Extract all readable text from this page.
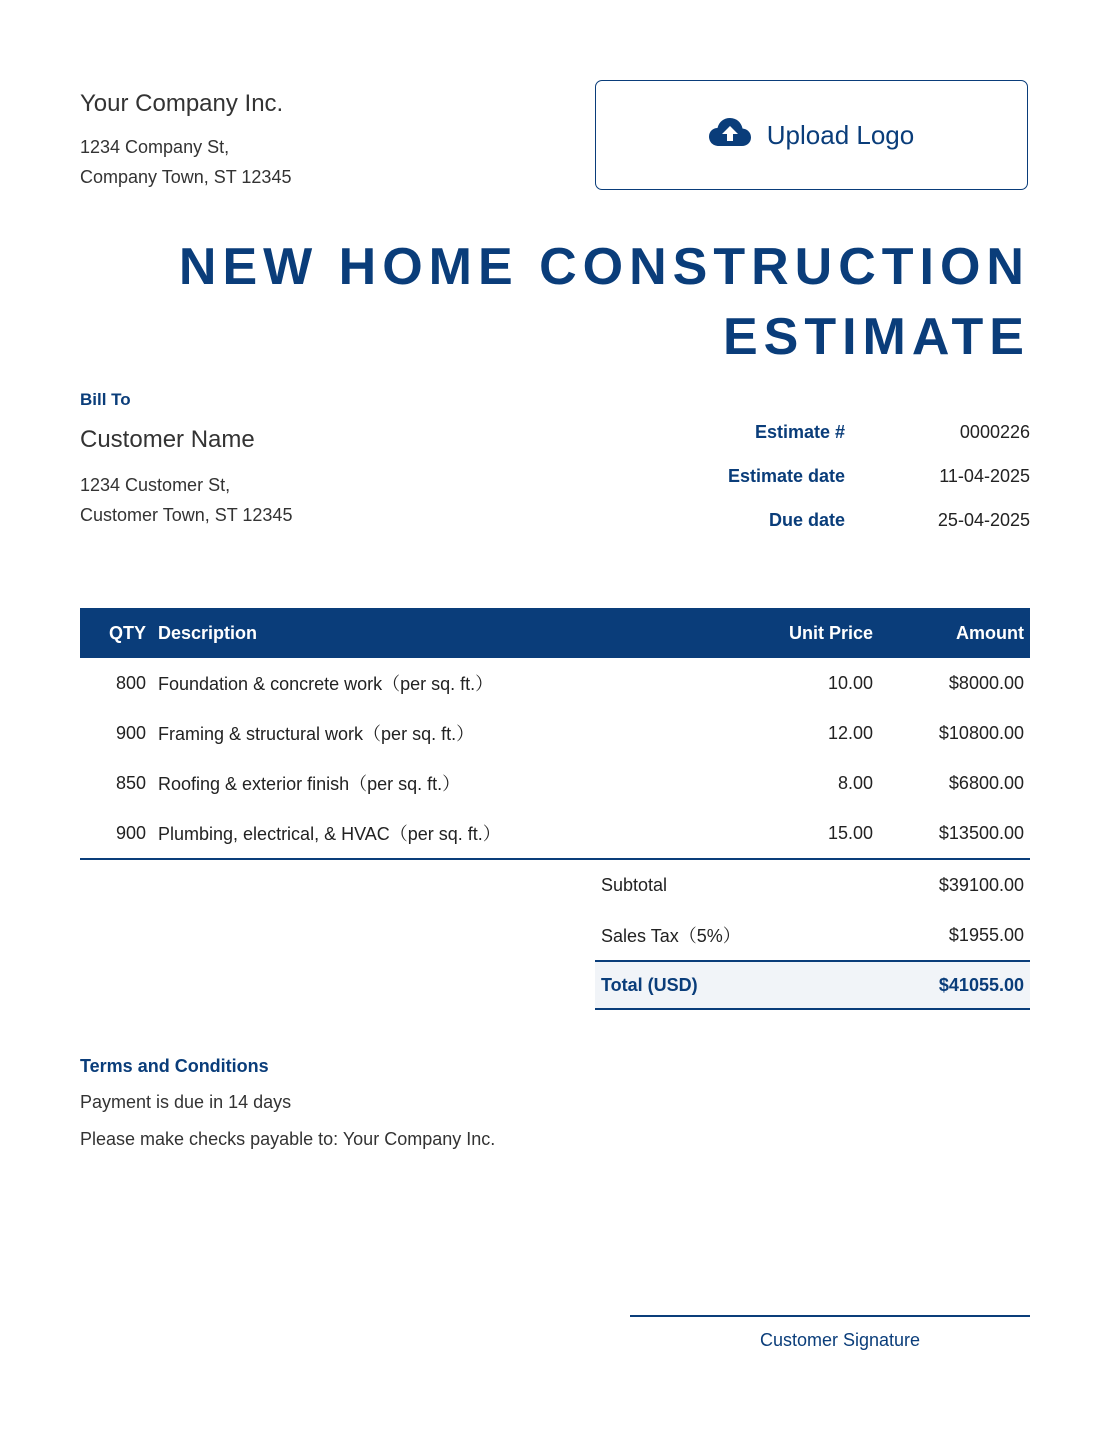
Your Company Inc.
1234 Company St,
Company Town, ST 12345
Upload Logo
NEW HOME CONSTRUCTION
ESTIMATE
Bill To
Customer Name
1234 Customer St,
Customer Town, ST 12345
Estimate #	0000226
Estimate date	11-04-2025
Due date	25-04-2025
QTY	Description	Unit Price	Amount
800	Foundation & concrete work（per sq. ft.）	10.00	$8000.00
900	Framing & structural work（per sq. ft.）	12.00	$10800.00
850	Roofing & exterior finish（per sq. ft.）	8.00	$6800.00
900	Plumbing, electrical, & HVAC（per sq. ft.）	15.00	$13500.00
Subtotal	$39100.00
Sales Tax（5%）	$1955.00
Total (USD)	$41055.00
Terms and Conditions
Payment is due in 14 days
Please make checks payable to: Your Company Inc.
Customer Signature
